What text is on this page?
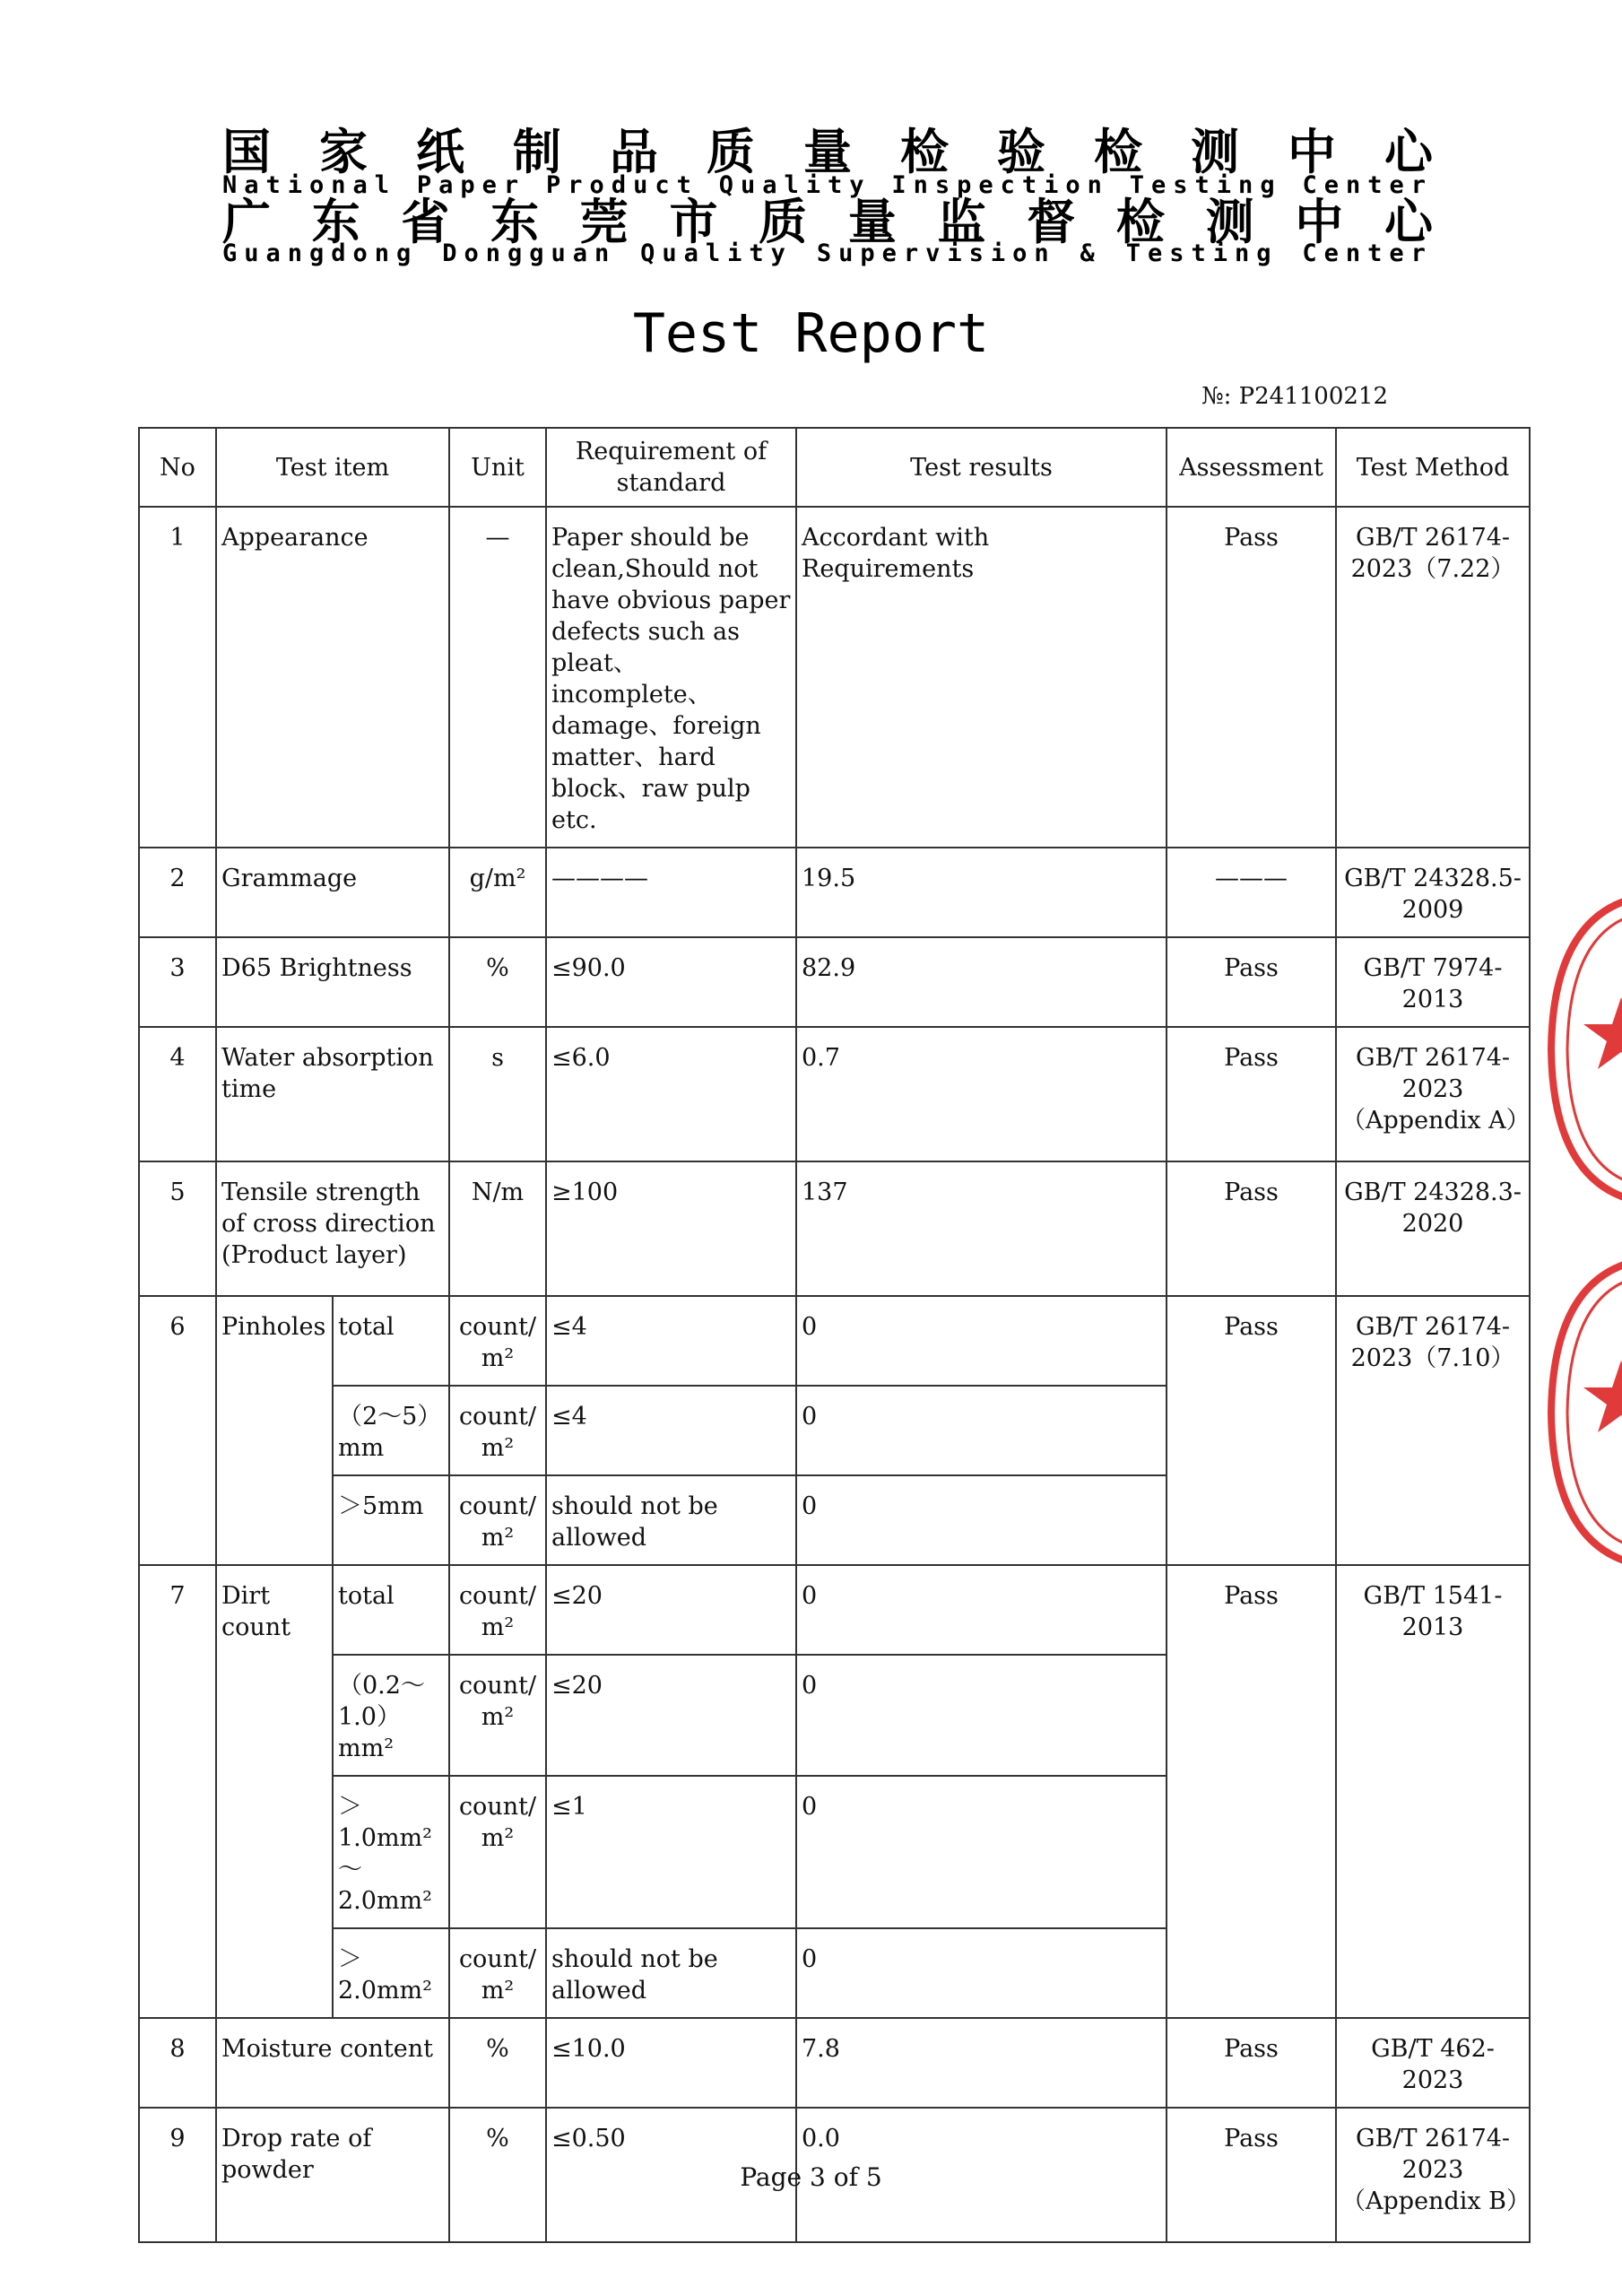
国 家 纸 制 品 质 量 检 验 检 测 中 心
National Paper Product Quality Inspection Testing Center
广 东 省 东 莞 市 质 量 监 督 检 测 中 心
Guangdong Dongguan Quality Supervision & Testing Center
Test Report
№: P241100212
No	Test item		Unit	Requirement of standard	Test results	Assessment	Test Method
1	Appearance		—	Paper should be clean,Should not have obvious paper defects such as pleat、incomplete、damage、foreign matter、hard block、raw pulp etc.	Accordant with Requirements	Pass	GB/T 26174-2023（7.22）
2	Grammage		g/m²	————	19.5	———	GB/T 24328.5-2009
3	D65 Brightness		%	≤90.0	82.9	Pass	GB/T 7974-2013
4	Water absorption time		s	≤6.0	0.7	Pass	GB/T 26174-2023（Appendix A）
5	Tensile strength of cross direction (Product layer)		N/m	≥100	137	Pass	GB/T 24328.3-2020
6	Pinholes	total	count/m²	≤4	0	Pass	GB/T 26174-2023（7.10）
		（2～5）mm	count/m²	≤4	0		
		＞5mm	count/m²	should not be allowed	0		
7	Dirt count	total	count/m²	≤20	0	Pass	GB/T 1541-2013
		（0.2～1.0）mm²	count/m²	≤20	0		
		＞1.0mm²～2.0mm²	count/m²	≤1	0		
		＞2.0mm²	count/m²	should not be allowed	0		
8	Moisture content		%	≤10.0	7.8	Pass	GB/T 462-2023
9	Drop rate of powder		%	≤0.50	0.0	Pass	GB/T 26174-2023（Appendix B）
Page 3 of 5
